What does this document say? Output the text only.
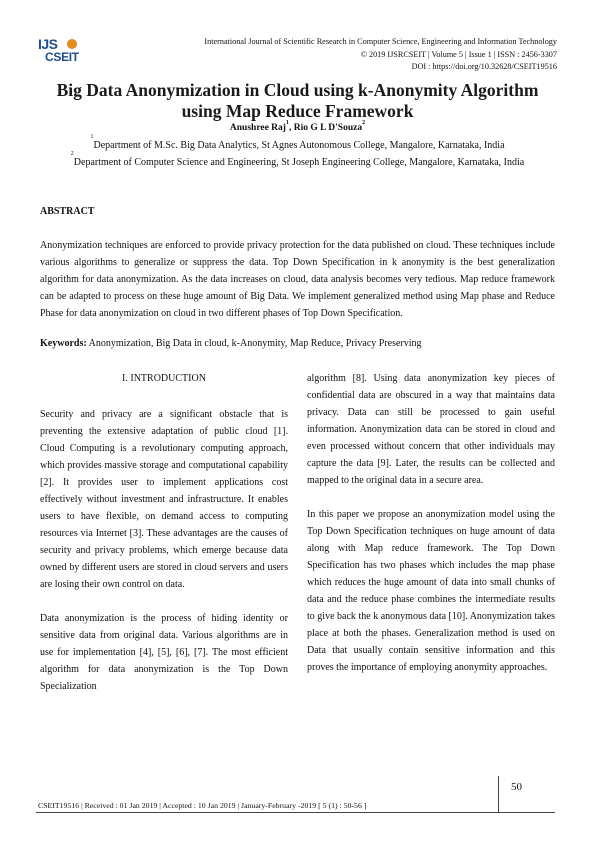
IJS
CSEIT
International Journal of Scientific Research in Computer Science, Engineering and Information Technology
© 2019 IJSRCSEIT | Volume 5 | Issue 1 | ISSN : 2456-3307
DOI : https://doi.org/10.32628/CSEIT19516
Big Data Anonymization in Cloud using k-Anonymity Algorithm
using Map Reduce Framework
Anushree Raj$^1$, Rio G L D'Souza$^2$
$^1$Department of M.Sc. Big Data Analytics, St Agnes Autonomous College, Mangalore, Karnataka, India
$^2$Department of Computer Science and Engineering, St Joseph Engineering College, Mangalore, Karnataka, India
ABSTRACT
Anonymization techniques are enforced to provide privacy protection for the data published on cloud. These techniques include various algorithms to generalize or suppress the data. Top Down Specification in k anonymity is the best generalization algorithm for data anonymization. As the data increases on cloud, data analysis becomes very tedious. Map reduce framework can be adapted to process on these huge amount of Big Data. We implement generalized method using Map phase and Reduce Phase for data anonymization on cloud in two different phases of Top Down Specification.
Keywords: Anonymization, Big Data in cloud, k-Anonymity, Map Reduce, Privacy Preserving
I. INTRODUCTION

Security and privacy are a significant obstacle that is preventing the extensive adaptation of public cloud [1]. Cloud Computing is a revolutionary computing approach, which provides massive storage and computational capability [2]. It provides user to implement applications cost effectively without investment and infrastructure. It enables users to have flexible, on demand access to computing resources via Internet [3]. These advantages are the causes of security and privacy problems, which emerge because data owned by different users are stored in cloud servers and users are losing their own control on data.

Data anonymization is the process of hiding identity or sensitive data from original data. Various algorithms are in use for implementation [4], [5], [6], [7]. The most efficient algorithm for data anonymization is the Top Down Specialization

algorithm [8]. Using data anonymization key pieces of confidential data are obscured in a way that maintains data privacy. Data can still be processed to gain useful information. Anonymization data can be stored in cloud and even processed without concern that other individuals may capture the data [9]. Later, the results can be collected and mapped to the original data in a secure area.

In this paper we propose an anonymization model using the Top Down Specification techniques on huge amount of data along with Map reduce framework. The Top Down Specification has two phases which includes the map phase which reduces the huge amount of data into small chunks of data and the reduce phase combines the intermediate results to give back the k anonymous data [10]. Anonymization takes place at both the phases. Generalization method is used on Data that usually contain sensitive information and this proves the importance of employing anonymity approaches.

50
CSEIT19516 | Received : 01 Jan 2019 | Accepted : 10 Jan 2019 | January-February -2019 [ 5 (1) : 50-56 ]
